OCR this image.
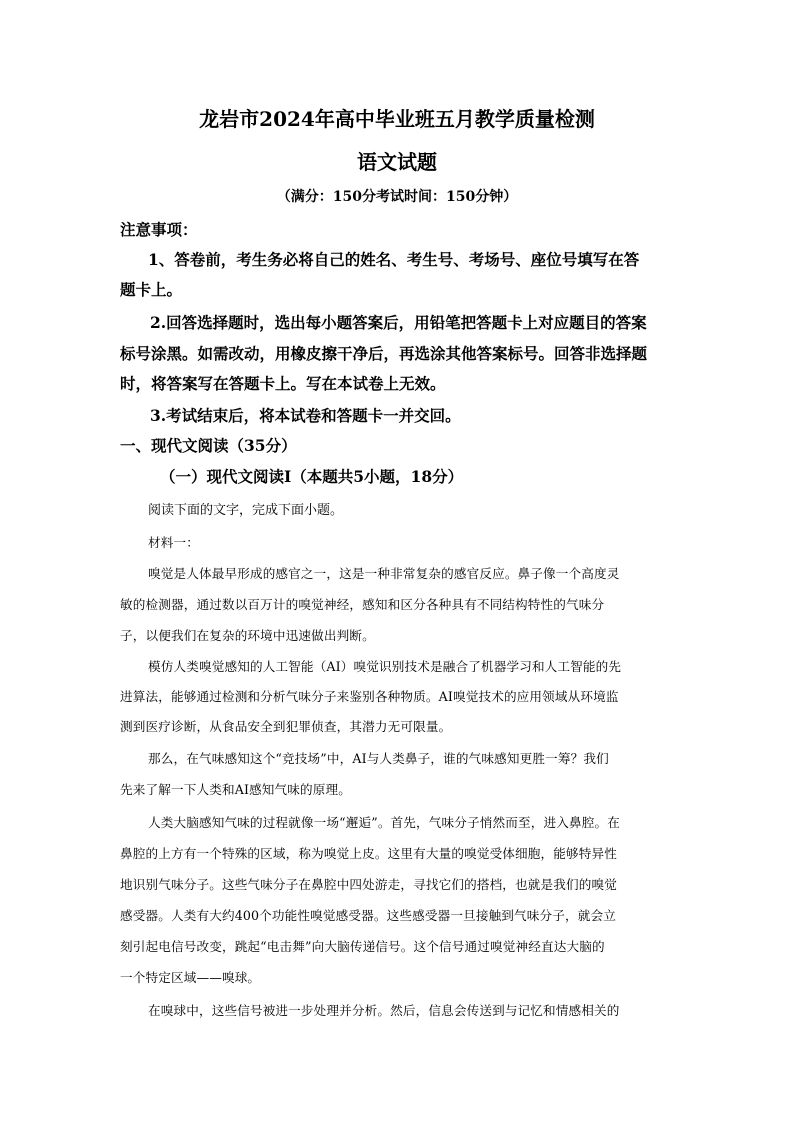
龙岩市2024年高中毕业班五月教学质量检测
语文试题
（满分：150分考试时间：150分钟）
注意事项：
1、答卷前，考生务必将自己的姓名、考生号、考场号、座位号填写在答
题卡上。
2.回答选择题时，选出每小题答案后，用铅笔把答题卡上对应题目的答案
标号涂黑。如需改动，用橡皮擦干净后，再选涂其他答案标号。回答非选择题
时，将答案写在答题卡上。写在本试卷上无效。
3.考试结束后，将本试卷和答题卡一并交回。
一、现代文阅读（35分）
（一）现代文阅读Ⅰ（本题共5小题，18分）
阅读下面的文字，完成下面小题。
材料一：
嗅觉是人体最早形成的感官之一，这是一种非常复杂的感官反应。鼻子像一个高度灵
敏的检测器，通过数以百万计的嗅觉神经，感知和区分各种具有不同结构特性的气味分
子，以便我们在复杂的环境中迅速做出判断。
模仿人类嗅觉感知的人工智能（AI）嗅觉识别技术是融合了机器学习和人工智能的先
进算法，能够通过检测和分析气味分子来鉴别各种物质。AI嗅觉技术的应用领域从环境监
测到医疗诊断，从食品安全到犯罪侦查，其潜力无可限量。
那么，在气味感知这个“竞技场”中，AI与人类鼻子，谁的气味感知更胜一筹？我们
先来了解一下人类和AI感知气味的原理。
人类大脑感知气味的过程就像一场“邂逅”。首先，气味分子悄然而至，进入鼻腔。在
鼻腔的上方有一个特殊的区域，称为嗅觉上皮。这里有大量的嗅觉受体细胞，能够特异性
地识别气味分子。这些气味分子在鼻腔中四处游走，寻找它们的搭档，也就是我们的嗅觉
感受器。人类有大约400个功能性嗅觉感受器。这些感受器一旦接触到气味分子，就会立
刻引起电信号改变，跳起“电击舞”向大脑传递信号。这个信号通过嗅觉神经直达大脑的
一个特定区域——嗅球。
在嗅球中，这些信号被进一步处理并分析。然后，信息会传送到与记忆和情感相关的
